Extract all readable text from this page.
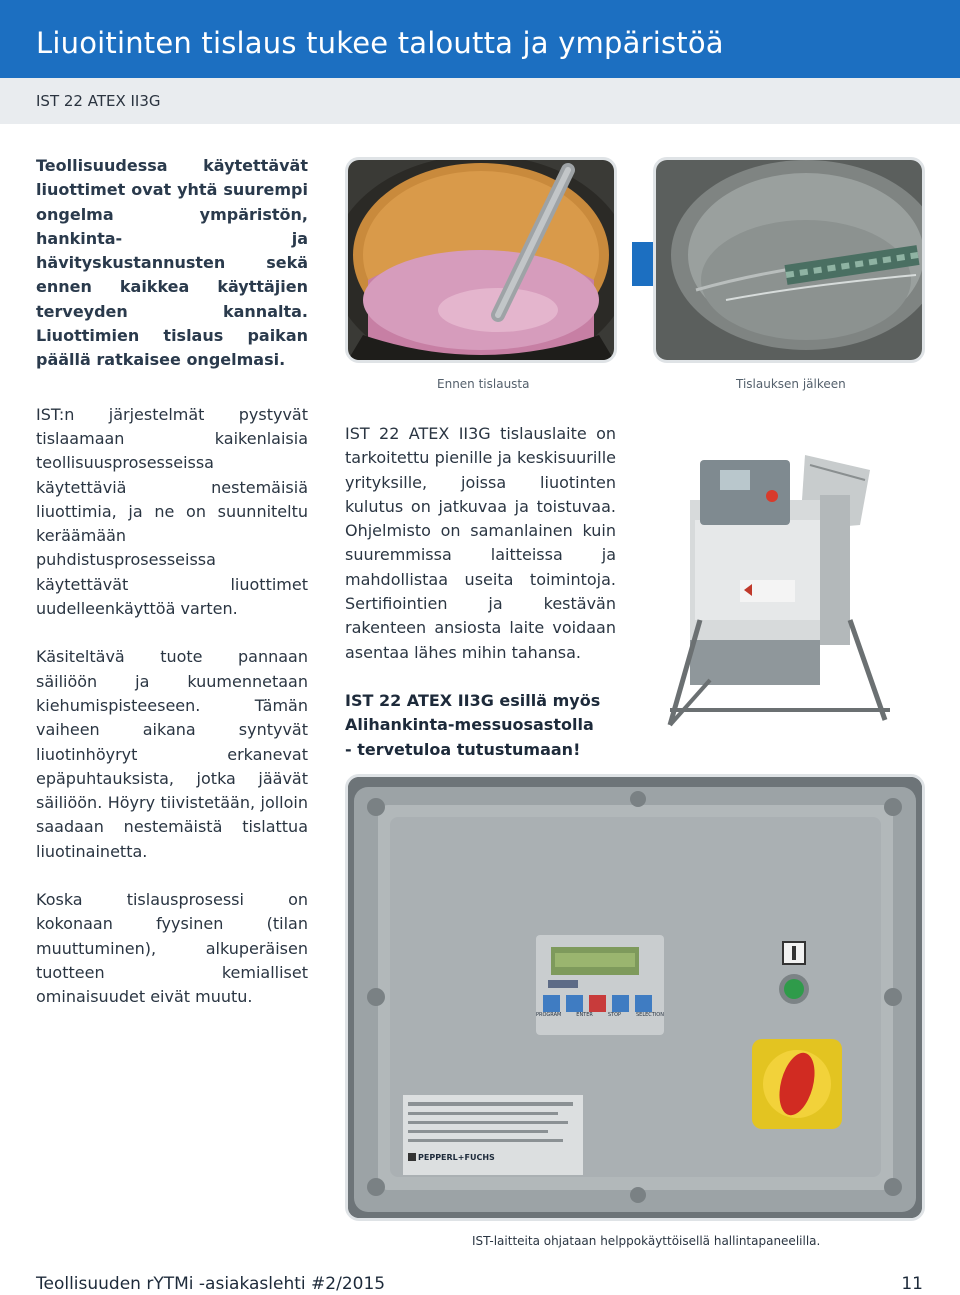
Liuoitinten tislaus tukee taloutta ja ympäristöä
IST 22 ATEX II3G

Teollisuudessa käytettävät liuottimet ovat yhtä suurempi ongelma ympäristön, hankinta- ja hävityskustannusten sekä ennen kaikkea käyttäjien terveyden kannalta. Liuottimien tislaus paikan päällä ratkaisee ongelmasi.

IST:n järjestelmät pystyvät tislaamaan kaikenlaisia teollisuusprosesseissa käytettäviä nestemäisiä liuottimia, ja ne on suunniteltu keräämään puhdistusprosesseissa käytettävät liuottimet uudelleenkäyttöä varten.

Käsiteltävä tuote pannaan säiliöön ja kuumennetaan kiehumispisteeseen. Tämän vaiheen aikana syntyvät liuotinhöyryt erkanevat epäpuhtauksista, jotka jäävät säiliöön. Höyry tiivistetään, jolloin saadaan nestemäistä tislattua liuotinainetta.

Koska tislausprosessi on kokonaan fyysinen (tilan muuttuminen), alkuperäisen tuotteen kemialliset ominaisuudet eivät muutu.

Ennen tislausta	Tislauksen jälkeen

IST 22 ATEX II3G tislauslaite on tarkoitettu pienille ja keskisuurille yrityksille, joissa liuotinten kulutus on jatkuvaa ja toistuvaa. Ohjelmisto on samanlainen kuin suuremmissa laitteissa ja mahdollistaa useita toimintoja. Sertifiointien ja kestävän rakenteen ansiosta laite voidaan asentaa lähes mihin tahansa.

IST 22 ATEX II3G esillä myös
Alihankinta-messuosastolla
- tervetuloa tutustumaan!

PROGRAM	ENTER	STOP	SELECTION
PEPPERL+FUCHS
IST-laitteita ohjataan helppokäyttöisellä hallintapaneelilla.
Teollisuuden rYTMi -asiakaslehti #2/2015	11
